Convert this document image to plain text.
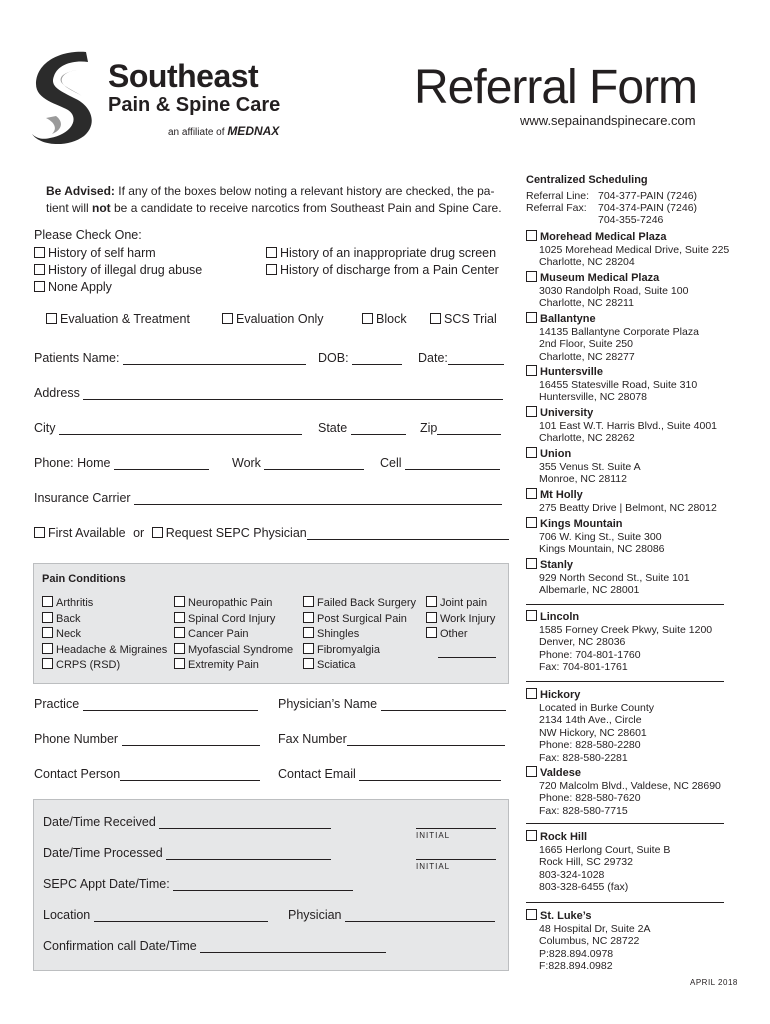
Southeast
Pain & Spine Care
an affiliate of MEDNAX
Referral Form
www.sepainandspinecare.com
Be Advised: If any of the boxes below noting a relevant history are checked, the pa-
tient will not be a candidate to receive narcotics from Southeast Pain and Spine Care.
Please Check One:
History of self harm
History of illegal drug abuse
None Apply
History of an inappropriate drug screen
History of discharge from a Pain Center
Evaluation & Treatment	Evaluation Only	Block	SCS Trial
Patients Name:	DOB:	Date:
Address
City	State	Zip
Phone: Home	Work	Cell
Insurance Carrier
First Available or Request SEPC Physician
Pain Conditions
Arthritis
Back
Neck
Headache & Migraines
CRPS (RSD)
Neuropathic Pain
Spinal Cord Injury
Cancer Pain
Myofascial Syndrome
Extremity Pain
Failed Back Surgery
Post Surgical Pain
Shingles
Fibromyalgia
Sciatica
Joint pain
Work Injury
Other
Practice	Physician’s Name
Phone Number	Fax Number
Contact Person	Contact Email
Date/Time Received
INITIAL
Date/Time Processed
INITIAL
SEPC Appt Date/Time:
Location	Physician
Confirmation call Date/Time
Centralized Scheduling
Referral Line: 704-377-PAIN (7246)
Referral Fax: 704-374-PAIN (7246)
704-355-7246
Morehead Medical Plaza
1025 Morehead Medical Drive, Suite 225
Charlotte, NC 28204
Museum Medical Plaza
3030 Randolph Road, Suite 100
Charlotte, NC 28211
Ballantyne
14135 Ballantyne Corporate Plaza
2nd Floor, Suite 250
Charlotte, NC 28277
Huntersville
16455 Statesville Road, Suite 310
Huntersville, NC 28078
University
101 East W.T. Harris Blvd., Suite 4001
Charlotte, NC 28262
Union
355 Venus St. Suite A
Monroe, NC 28112
Mt Holly
275 Beatty Drive | Belmont, NC 28012
Kings Mountain
706 W. King St., Suite 300
Kings Mountain, NC 28086
Stanly
929 North Second St., Suite 101
Albemarle, NC 28001
Lincoln
1585 Forney Creek Pkwy, Suite 1200
Denver, NC 28036
Phone: 704-801-1760
Fax: 704-801-1761
Hickory
Located in Burke County
2134 14th Ave., Circle
NW Hickory, NC 28601
Phone: 828-580-2280
Fax: 828-580-2281
Valdese
720 Malcolm Blvd., Valdese, NC 28690
Phone: 828-580-7620
Fax: 828-580-7715
Rock Hill
1665 Herlong Court, Suite B
Rock Hill, SC 29732
803-324-1028
803-328-6455 (fax)
St. Luke’s
48 Hospital Dr, Suite 2A
Columbus, NC 28722
P:828.894.0978
F:828.894.0982
APRIL 2018
